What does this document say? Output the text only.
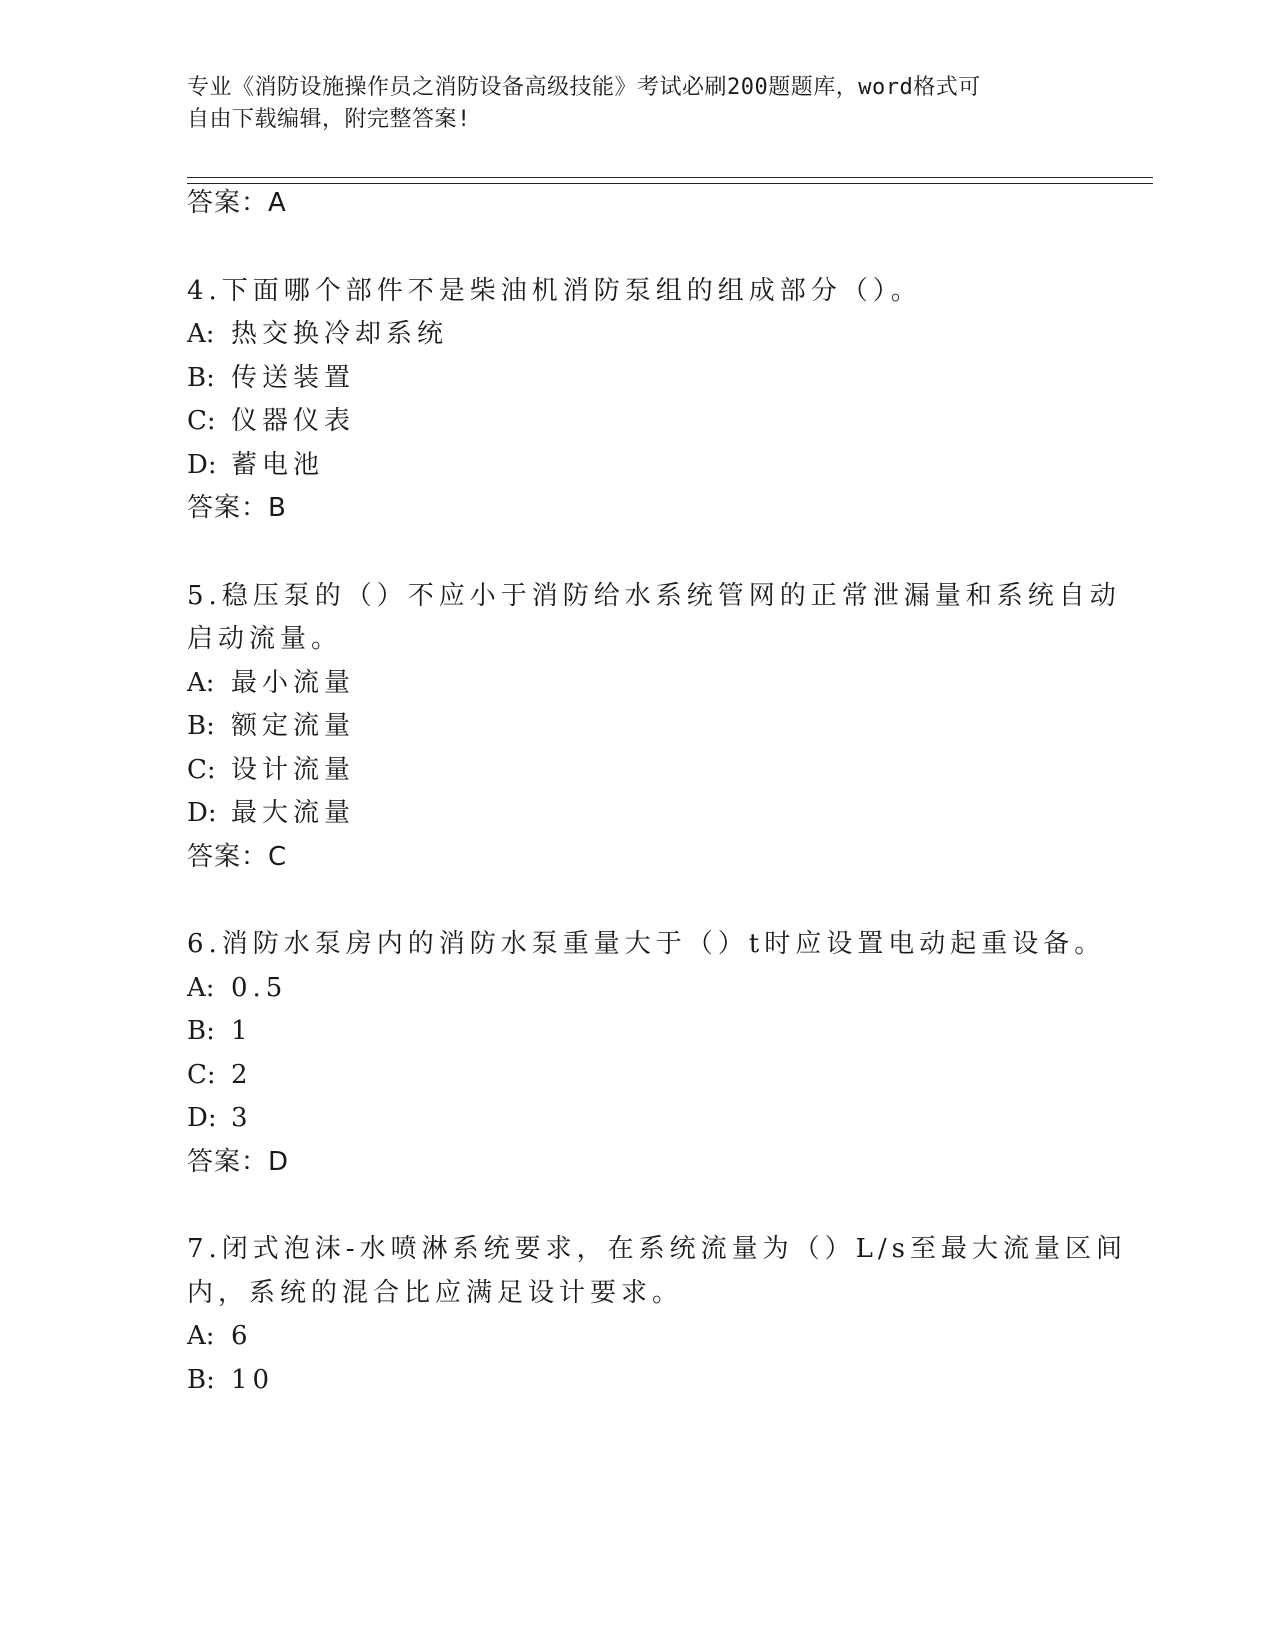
专业《消防设施操作员之消防设备高级技能》考试必刷200题题库，word格式可
自由下载编辑，附完整答案!
答案：A
4.下面哪个部件不是柴油机消防泵组的组成部分（）。
A: 热交换冷却系统
B: 传送装置
C: 仪器仪表
D: 蓄电池
答案：B
5.稳压泵的（）不应小于消防给水系统管网的正常泄漏量和系统自动
启动流量。
A: 最小流量
B: 额定流量
C: 设计流量
D: 最大流量
答案：C
6.消防水泵房内的消防水泵重量大于（）t时应设置电动起重设备。
A: 0.5
B: 1
C: 2
D: 3
答案：D
7.闭式泡沫-水喷淋系统要求，在系统流量为（）L/s至最大流量区间
内，系统的混合比应满足设计要求。
A: 6
B: 10
